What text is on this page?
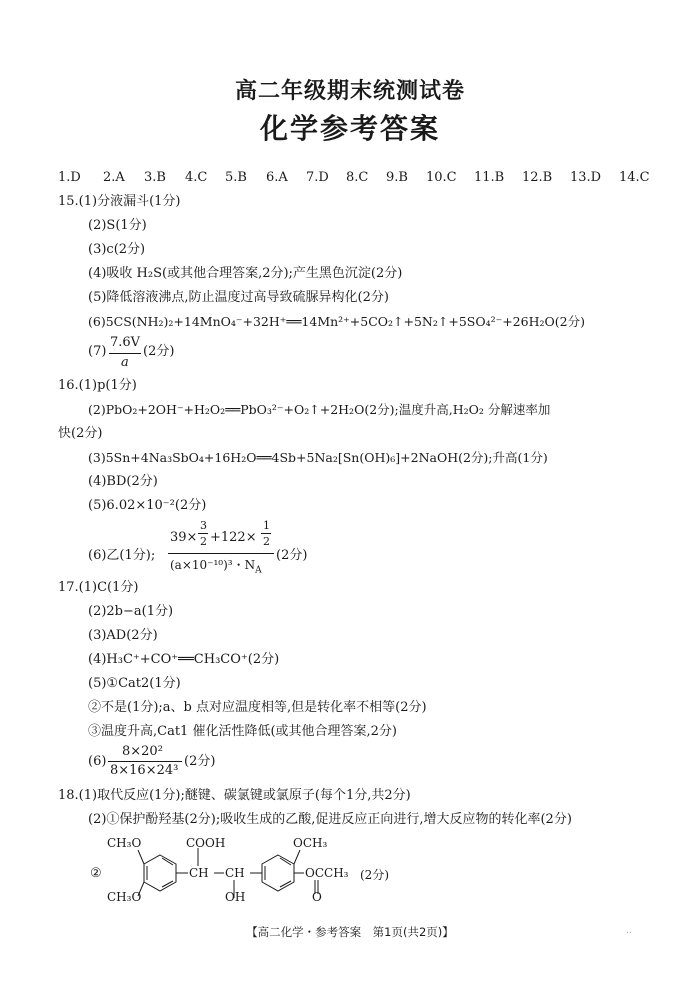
高二年级期末统测试卷
化学参考答案
1.D 2.A 3.B 4.C 5.B 6.A 7.D 8.C 9.B 10.C 11.B 12.B 13.D 14.C
15.(1)分液漏斗(1分)
(2)S(1分)
(3)c(2分)
(4)吸收 H₂S(或其他合理答案,2分);产生黑色沉淀(2分)
(5)降低溶液沸点,防止温度过高导致硫脲异构化(2分)
(6)5CS(NH₂)₂+14MnO₄⁻+32H⁺══14Mn²⁺+5CO₂↑+5N₂↑+5SO₄²⁻+26H₂O(2分)
(7)
7.6V
a
(2分)
16.(1)p(1分)
(2)PbO₂+2OH⁻+H₂O₂══PbO₃²⁻+O₂↑+2H₂O(2分);温度升高,H₂O₂ 分解速率加
快(2分)
(3)5Sn+4Na₃SbO₄+16H₂O══4Sb+5Na₂[Sn(OH)₆]+2NaOH(2分);升高(1分)
(4)BD(2分)
(5)6.02×10⁻²(2分)
(6)乙(1分);
39×
3
2 +122×
1
2
(a×10⁻¹⁰)³・$N_A$
(2分)
17.(1)C(1分)
(2)2b−a(1分)
(3)AD(2分)
(4)H₃C⁺+CO⁺══CH₃CO⁺(2分)
(5)①Cat2(1分)
②不是(1分);a、b 点对应温度相等,但是转化率不相等(2分)
③温度升高,Cat1 催化活性降低(或其他合理答案,2分)
(6)
8×20²
8×16×24³
(2分)
18.(1)取代反应(1分);醚键、碳氯键或氯原子(每个1分,共2分)
(2)①保护酚羟基(2分);吸收生成的乙酸,促进反应正向进行,增大反应物的转化率(2分)
②
CH₃O
CH₃O
COOH
CH CH
OH
OCH₃
OCCH₃
O
(2分)
【高二化学・参考答案　第1页(共2页)】	..
